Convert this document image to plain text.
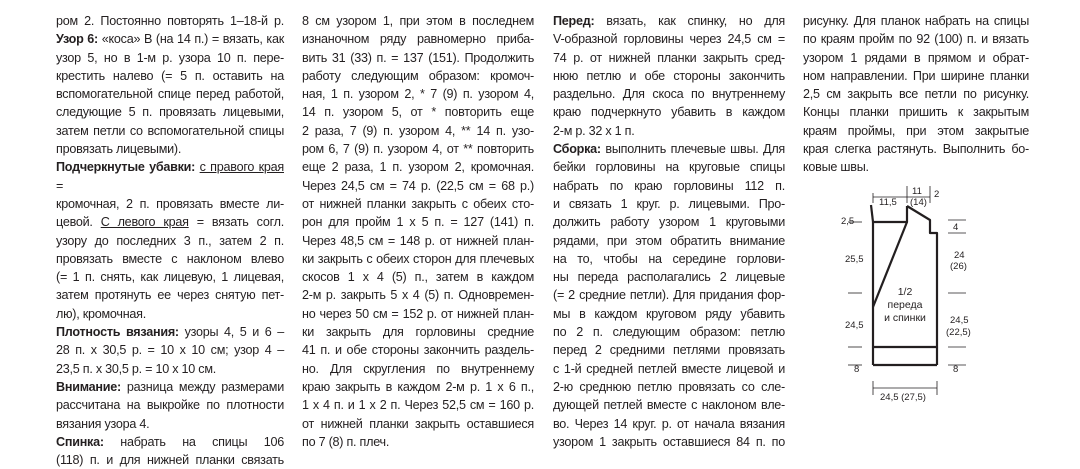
ром 2. Постоянно повторять 1–18-й р.

Узор 6: «коса» В (на 14 п.) = вязать, как

узор 5, но в 1-м р. узора 10 п. пере-

крестить налево (= 5 п. оставить на

вспомогательной спице перед работой,

следующие 5 п. провязать лицевыми,

затем петли со вспомогательной спицы

провязать лицевыми).

Подчеркнутые убавки: с правого края =

кромочная, 2 п. провязать вместе ли-

цевой. С левого края = вязать согл.

узору до последних 3 п., затем 2 п.

провязать вместе с наклоном влево

(= 1 п. снять, как лицевую, 1 лицевая,

затем протянуть ее через снятую пет-

лю), кромочная.

Плотность вязания: узоры 4, 5 и 6 –

28 п. х 30,5 р. = 10 х 10 см; узор 4 –

23,5 п. х 30,5 р. = 10 х 10 см.

Внимание: разница между размерами

рассчитана на выкройке по плотности

вязания узора 4.

Спинка: набрать на спицы 106

(118) п. и для нижней планки связать

8 см узором 1, при этом в последнем

изнаночном ряду равномерно приба-

вить 31 (33) п. = 137 (151). Продолжить

работу следующим образом: кромоч-

ная, 1 п. узором 2, * 7 (9) п. узором 4,

14 п. узором 5, от * повторить еще

2 раза, 7 (9) п. узором 4, ** 14 п. узо-

ром 6, 7 (9) п. узором 4, от ** повторить

еще 2 раза, 1 п. узором 2, кромочная.

Через 24,5 см = 74 р. (22,5 см = 68 р.)

от нижней планки закрыть с обеих сто-

рон для пройм 1 х 5 п. = 127 (141) п.

Через 48,5 см = 148 р. от нижней план-

ки закрыть с обеих сторон для плечевых

скосов 1 х 4 (5) п., затем в каждом

2-м р. закрыть 5 х 4 (5) п. Одновремен-

но через 50 см = 152 р. от нижней план-

ки закрыть для горловины средние

41 п. и обе стороны закончить раздель-

но. Для скругления по внутреннему

краю закрыть в каждом 2-м р. 1 х 6 п.,

1 х 4 п. и 1 х 2 п. Через 52,5 см = 160 р.

от нижней планки закрыть оставшиеся

по 7 (8) п. плеч.

Перед: вязать, как спинку, но для

V-образной горловины через 24,5 см =

74 р. от нижней планки закрыть сред-

нюю петлю и обе стороны закончить

раздельно. Для скоса по внутреннему

краю подчеркнуто убавить в каждом

2-м р. 32 х 1 п.

Сборка: выполнить плечевые швы. Для

бейки горловины на круговые спицы

набрать по краю горловины 112 п.

и связать 1 круг. р. лицевыми. Про-

должить работу узором 1 круговыми

рядами, при этом обратить внимание

на то, чтобы на середине горлови-

ны переда располагались 2 лицевые

(= 2 средние петли). Для придания фор-

мы в каждом круговом ряду убавить

по 2 п. следующим образом: петлю

перед 2 средними петлями провязать

с 1-й средней петлей вместе лицевой и

2-ю среднюю петлю провязать со сле-

дующей петлей вместе с наклоном вле-

во. Через 14 круг. р. от начала вязания

узором 1 закрыть оставшиеся 84 п. по

рисунку. Для планок набрать на спицы

по краям пройм по 92 (100) п. и вязать

узором 1 рядами в прямом и обрат-

ном направлении. При ширине планки

2,5 см закрыть все петли по рисунку.

Концы планки пришить к закрытым

краям проймы, при этом закрытые

края слегка растянуть. Выполнить бо-

ковые швы.

11,5
11
(14)
2
2,5
4
25,5	24
(26)
24,5	24,5
(22,5)
8	8
24,5 (27,5)
1/2
переда
и спинки
